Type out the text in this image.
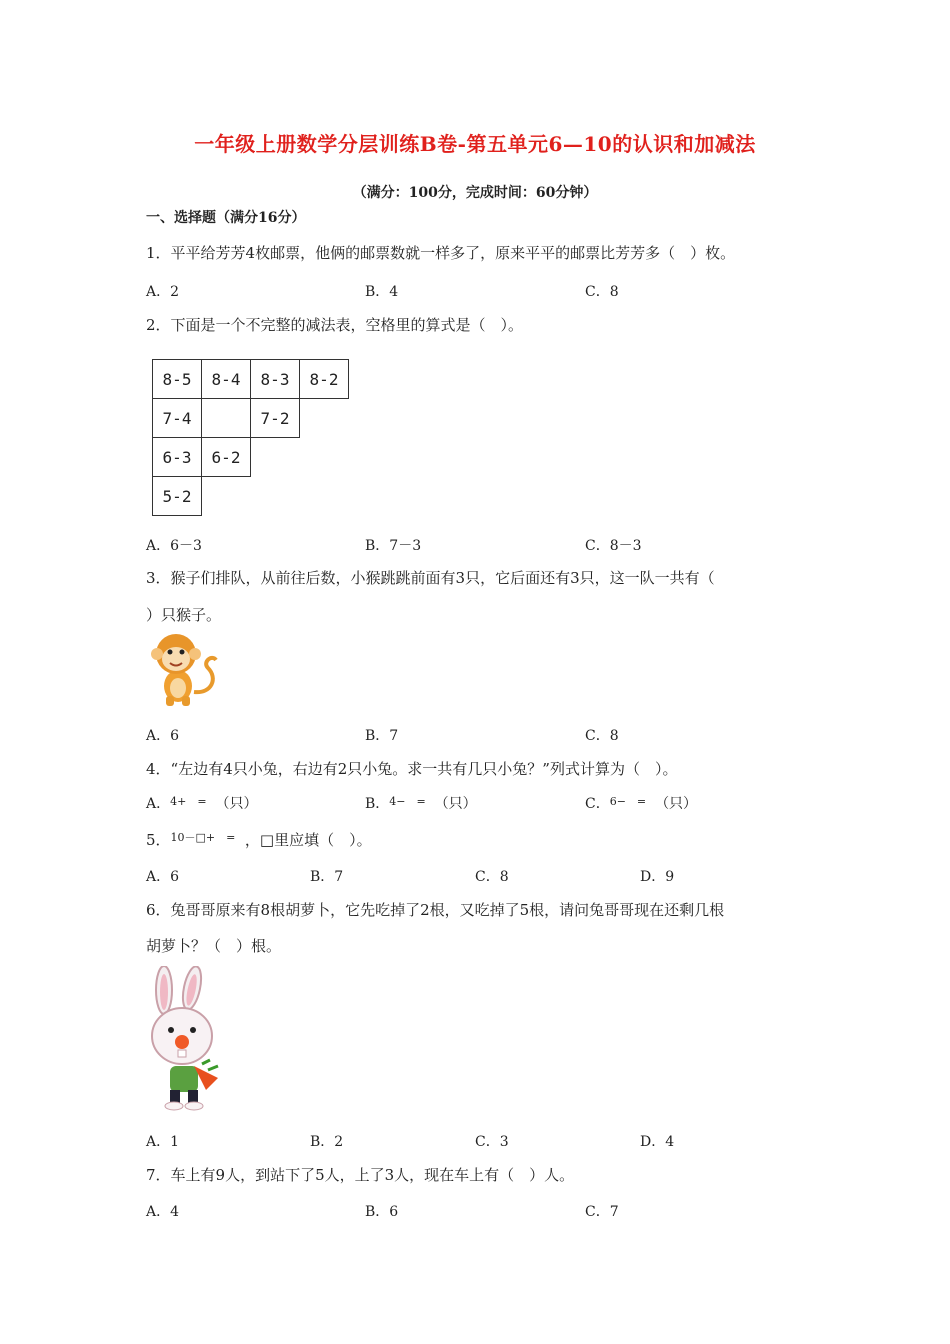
一年级上册数学分层训练B卷-第五单元6—10的认识和加减法
（满分：100分，完成时间：60分钟）
一、选择题（满分16分）
1．平平给芳芳4枚邮票，他俩的邮票数就一样多了，原来平平的邮票比芳芳多（　）枚。
A．2	B．4	C．8
2．下面是一个不完整的减法表，空格里的算式是（　）。
8-5	8-4	8-3	8-2
7-4		7-2	
6-3	6-2		
5-2			
A．6－3	B．7－3	C．8－3
3．猴子们排队，从前往后数，小猴跳跳前面有3只，它后面还有3只，这一队一共有（
）只猴子。
A．6	B．7	C．8
4．“左边有4只小兔，右边有2只小兔。求一共有几只小兔？”列式计算为（　）。
A．$^{4+ =}$ （只）	B．$^{4- =}$ （只）	C．$^{6- =}$ （只）
5．$^{10-□+ =}$ ，□里应填（　）。
A．6	B．7	C．8	D．9
6．兔哥哥原来有8根胡萝卜，它先吃掉了2根，又吃掉了5根，请问兔哥哥现在还剩几根
胡萝卜？（　）根。
A．1	B．2	C．3	D．4
7．车上有9人，到站下了5人，上了3人，现在车上有（　）人。
A．4	B．6	C．7
